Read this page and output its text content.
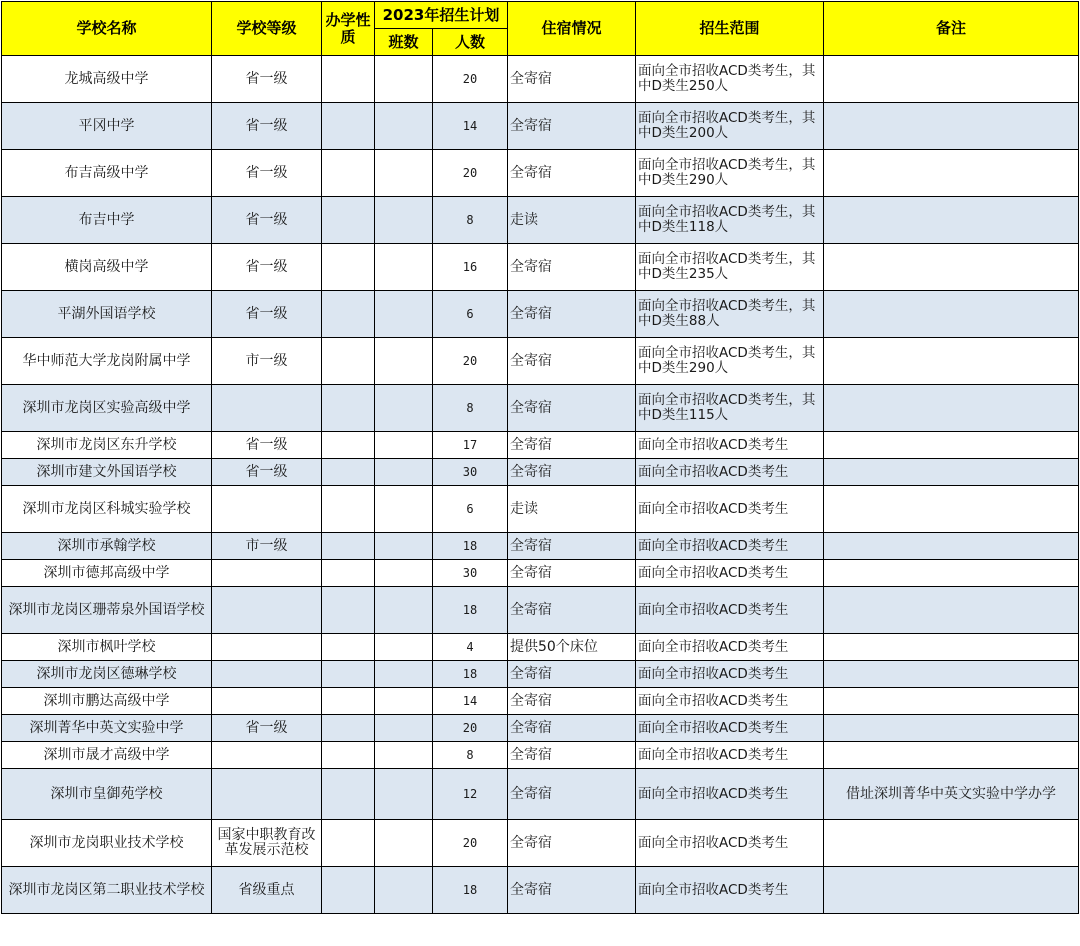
学校名称	学校等级	办学性质	2023年招生计划		住宿情况	招生范围	备注
			班数	人数			
龙城高级中学	省一级			20	全寄宿	面向全市招收ACD类考生，其中D类生250人	
平冈中学	省一级			14	全寄宿	面向全市招收ACD类考生，其中D类生200人	
布吉高级中学	省一级			20	全寄宿	面向全市招收ACD类考生，其中D类生290人	
布吉中学	省一级			8	走读	面向全市招收ACD类考生，其中D类生118人	
横岗高级中学	省一级			16	全寄宿	面向全市招收ACD类考生，其中D类生235人	
平湖外国语学校	省一级			6	全寄宿	面向全市招收ACD类考生，其中D类生88人	
华中师范大学龙岗附属中学	市一级			20	全寄宿	面向全市招收ACD类考生，其中D类生290人	
深圳市龙岗区实验高级中学				8	全寄宿	面向全市招收ACD类考生，其中D类生115人	
深圳市龙岗区东升学校	省一级			17	全寄宿	面向全市招收ACD类考生	
深圳市建文外国语学校	省一级			30	全寄宿	面向全市招收ACD类考生	
深圳市龙岗区科城实验学校				6	走读	面向全市招收ACD类考生	
深圳市承翰学校	市一级			18	全寄宿	面向全市招收ACD类考生	
深圳市德邦高级中学				30	全寄宿	面向全市招收ACD类考生	
深圳市龙岗区珊蒂泉外国语学校				18	全寄宿	面向全市招收ACD类考生	
深圳市枫叶学校				4	提供50个床位	面向全市招收ACD类考生	
深圳市龙岗区德琳学校				18	全寄宿	面向全市招收ACD类考生	
深圳市鹏达高级中学				14	全寄宿	面向全市招收ACD类考生	
深圳菁华中英文实验中学	省一级			20	全寄宿	面向全市招收ACD类考生	
深圳市晟才高级中学				8	全寄宿	面向全市招收ACD类考生	
深圳市皇御苑学校				12	全寄宿	面向全市招收ACD类考生	借址深圳菁华中英文实验中学办学
深圳市龙岗职业技术学校	国家中职教育改革发展示范校			20	全寄宿	面向全市招收ACD类考生	
深圳市龙岗区第二职业技术学校	省级重点			18	全寄宿	面向全市招收ACD类考生	
